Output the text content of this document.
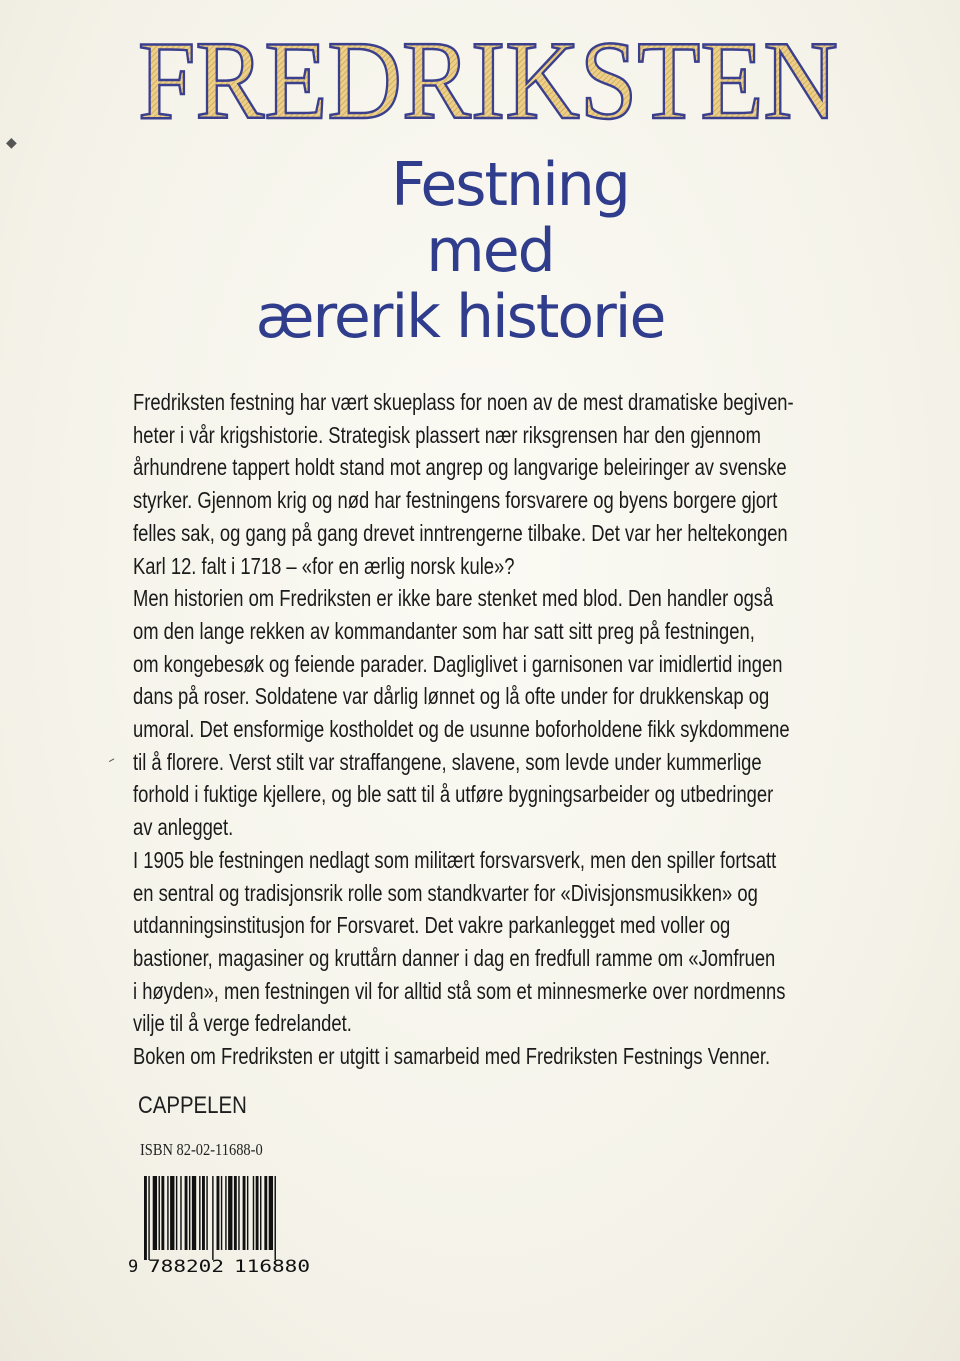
FREDRIKSTEN
Festning
med
ærerik historie
Fredriksten festning har vært skueplass for noen av de mest dramatiske begiven-
heter i vår krigshistorie. Strategisk plassert nær riksgrensen har den gjennom
århundrene tappert holdt stand mot angrep og langvarige beleiringer av svenske
styrker. Gjennom krig og nød har festningens forsvarere og byens borgere gjort
felles sak, og gang på gang drevet inntrengerne tilbake. Det var her heltekongen
Karl 12. falt i 1718 – «for en ærlig norsk kule»?
Men historien om Fredriksten er ikke bare stenket med blod. Den handler også
om den lange rekken av kommandanter som har satt sitt preg på festningen,
om kongebesøk og feiende parader. Dagliglivet i garnisonen var imidlertid ingen
dans på roser. Soldatene var dårlig lønnet og lå ofte under for drukkenskap og
umoral. Det ensformige kostholdet og de usunne boforholdene fikk sykdommene
til å florere. Verst stilt var straffangene, slavene, som levde under kummerlige
forhold i fuktige kjellere, og ble satt til å utføre bygningsarbeider og utbedringer
av anlegget.
I 1905 ble festningen nedlagt som militært forsvarsverk, men den spiller fortsatt
en sentral og tradisjonsrik rolle som standkvarter for «Divisjonsmusikken» og
utdanningsinstitusjon for Forsvaret. Det vakre parkanlegget med voller og
bastioner, magasiner og kruttårn danner i dag en fredfull ramme om «Jomfruen
i høyden», men festningen vil for alltid stå som et minnesmerke over nordmenns
vilje til å verge fedrelandet.
Boken om Fredriksten er utgitt i samarbeid med Fredriksten Festnings Venner.
CAPPELEN
ISBN 82-02-11688-0
9 788202 116880
◆
–
